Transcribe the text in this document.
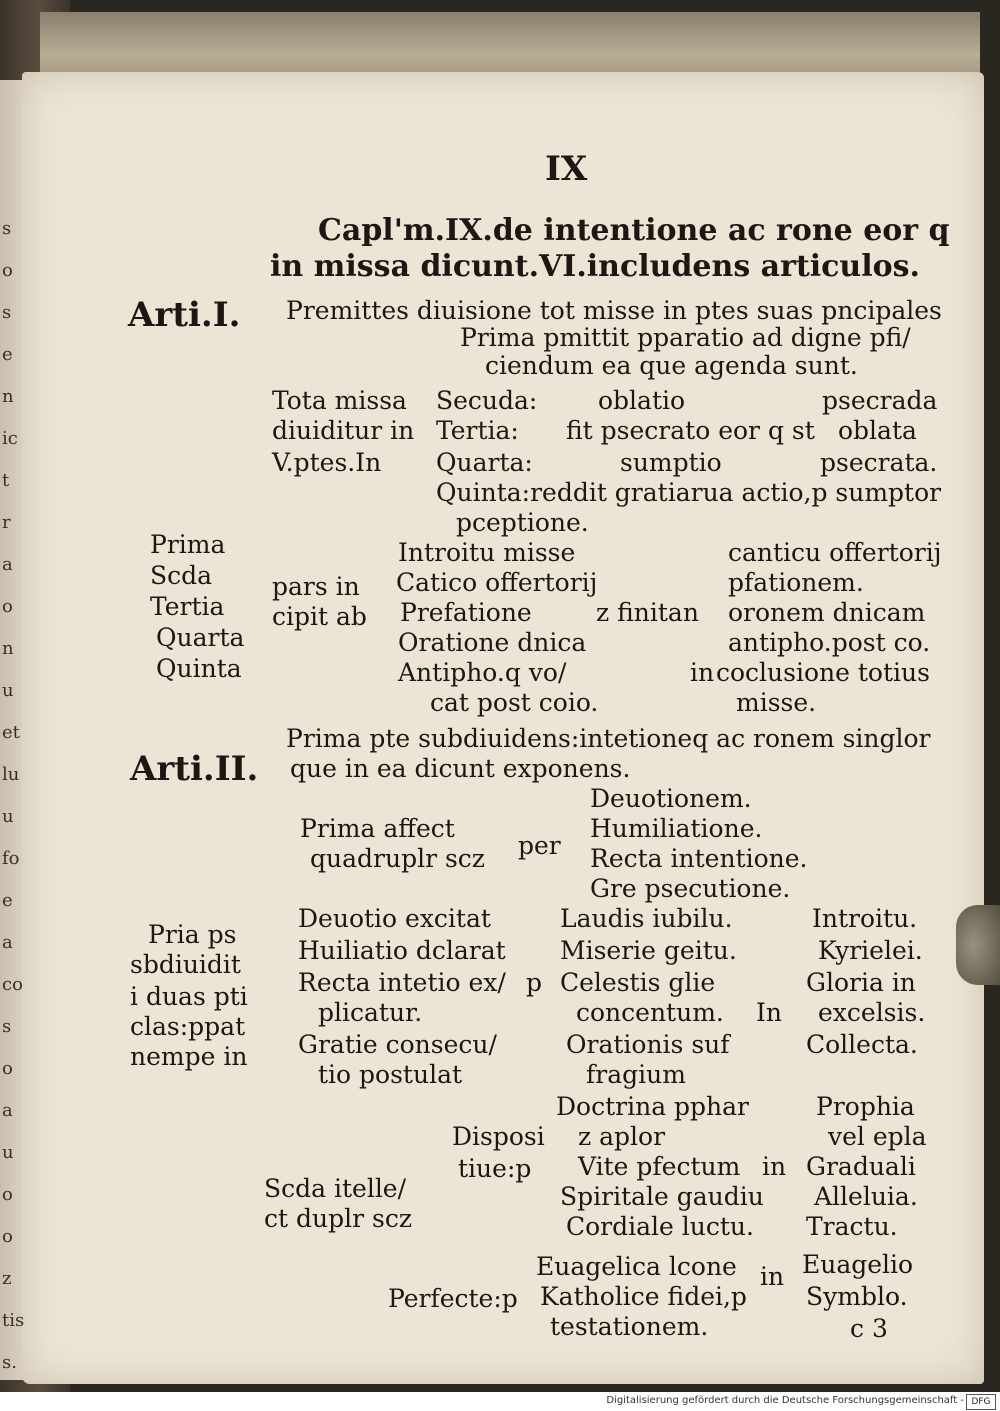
IX
Capl'm.IX.de intentione ac rone eor q
in missa dicunt.VI.includens articulos.
Arti.I. Premittes diuisione tot misse in ptes suas pncipales
Prima pmittit pparatio ad digne pfi/
ciendum ea que agenda sunt.
Tota missa
diuiditur in
V.ptes.In
Secuda:
Tertia:
Quarta:
Quinta:reddit gratiarua actio,p sumptor
pceptione.
oblatio	psecrada
fit psecrato eor q st oblata
sumptio	psecrata.
Prima
Scda
Tertia
Quarta
Quinta
pars in
cipit ab
Introitu misse
Catico offertorij
Prefatione
Oratione dnica
Antipho.q vo/
cat post coio.
z finitan
in
canticu offertorij
pfationem.
oronem dnicam
antipho.post co.
coclusione totius
misse.
Arti.II.
Prima pte subdiuidens:intetioneq ac ronem singlor
que in ea dicunt exponens.
Prima affect
quadruplr scz per
Deuotionem.
Humiliatione.
Recta intentione.
Gre psecutione.
Pria ps
sbdiuidit
i duas pti
clas:ppat
nempe in
Deuotio excitat
Huiliatio dclarat
Recta intetio ex/
plicatur.
Gratie consecu/
tio postulat
p
Laudis iubilu.
Miserie geitu.
Celestis glie
concentum.
Orationis suf
fragium
In
Introitu.
Kyrielei.
Gloria in
excelsis.
Collecta.
Scda itelle/
ct duplr scz
Disposi
tiue:p
Doctrina pphar
z aplor
Vite pfectum
Spiritale gaudiu
Cordiale luctu.
in
Prophia
vel epla
Graduali
Alleluia.
Tractu.
Perfecte:p
Euagelica lcone
Katholice fidei,p
testationem.
in Euagelio
Symblo.
c 3
s
o
s
e
n
ic
t
r
a
o
n
u
et
lu
u
fo
e
a
co
s
o
a
u
o
o
z
tis
s.
Digitalisierung gefördert durch die Deutsche Forschungsgemeinschaft - DFG
